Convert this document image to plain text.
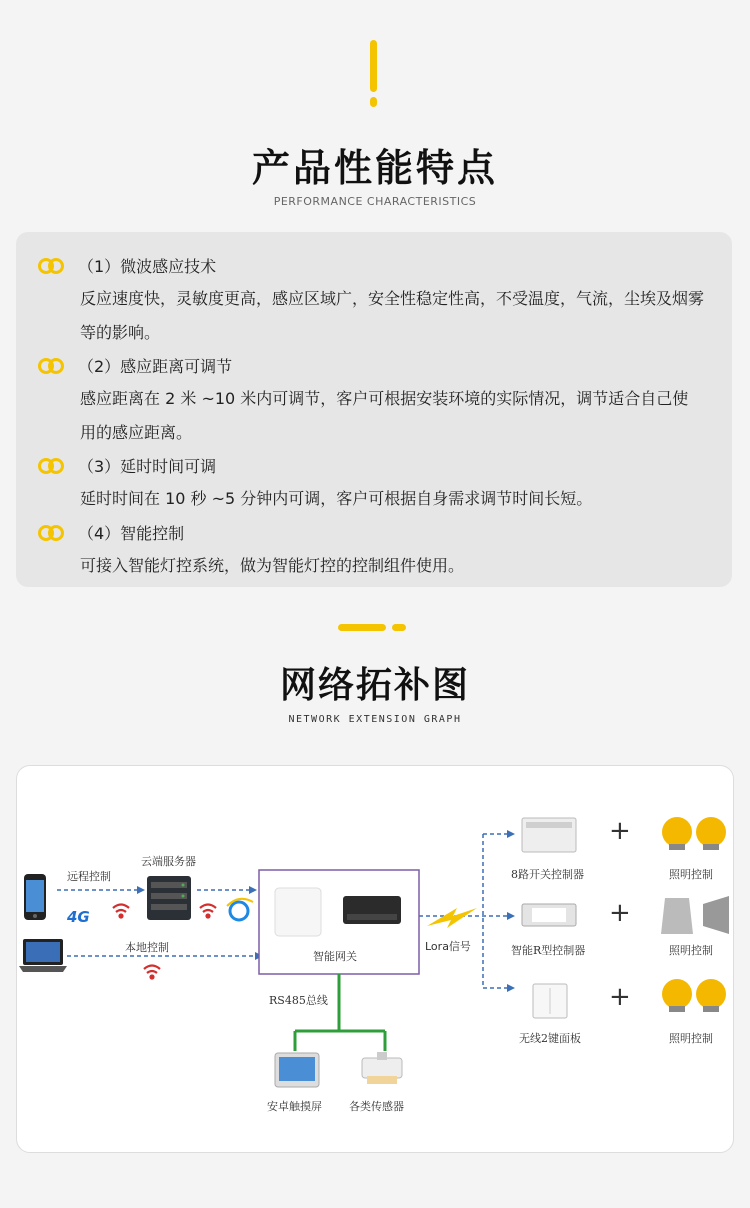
产品性能特点
PERFORMANCE CHARACTERISTICS
（1）微波感应技术
反应速度快，灵敏度更高，感应区域广，安全性稳定性高，不受温度，气流，尘埃及烟雾等的影响。
（2）感应距离可调节
感应距离在 2 米 ~10 米内可调节，客户可根据安装环境的实际情况，调节适合自己使用的感应距离。
（3）延时时间可调
延时时间在 10 秒 ~5 分钟内可调，客户可根据自身需求调节时间长短。
（4）智能控制
可接入智能灯控系统，做为智能灯控的控制组件使用。
网络拓补图
NETWORK EXTENSION GRAPH
远程控制
云端服务器
4G
本地控制
智能网关
Lora信号
RS485总线
安卓触摸屏 各类传感器
8路开关控制器
智能R型控制器
无线2键面板
照明控制
照明控制
照明控制
+
+
+
